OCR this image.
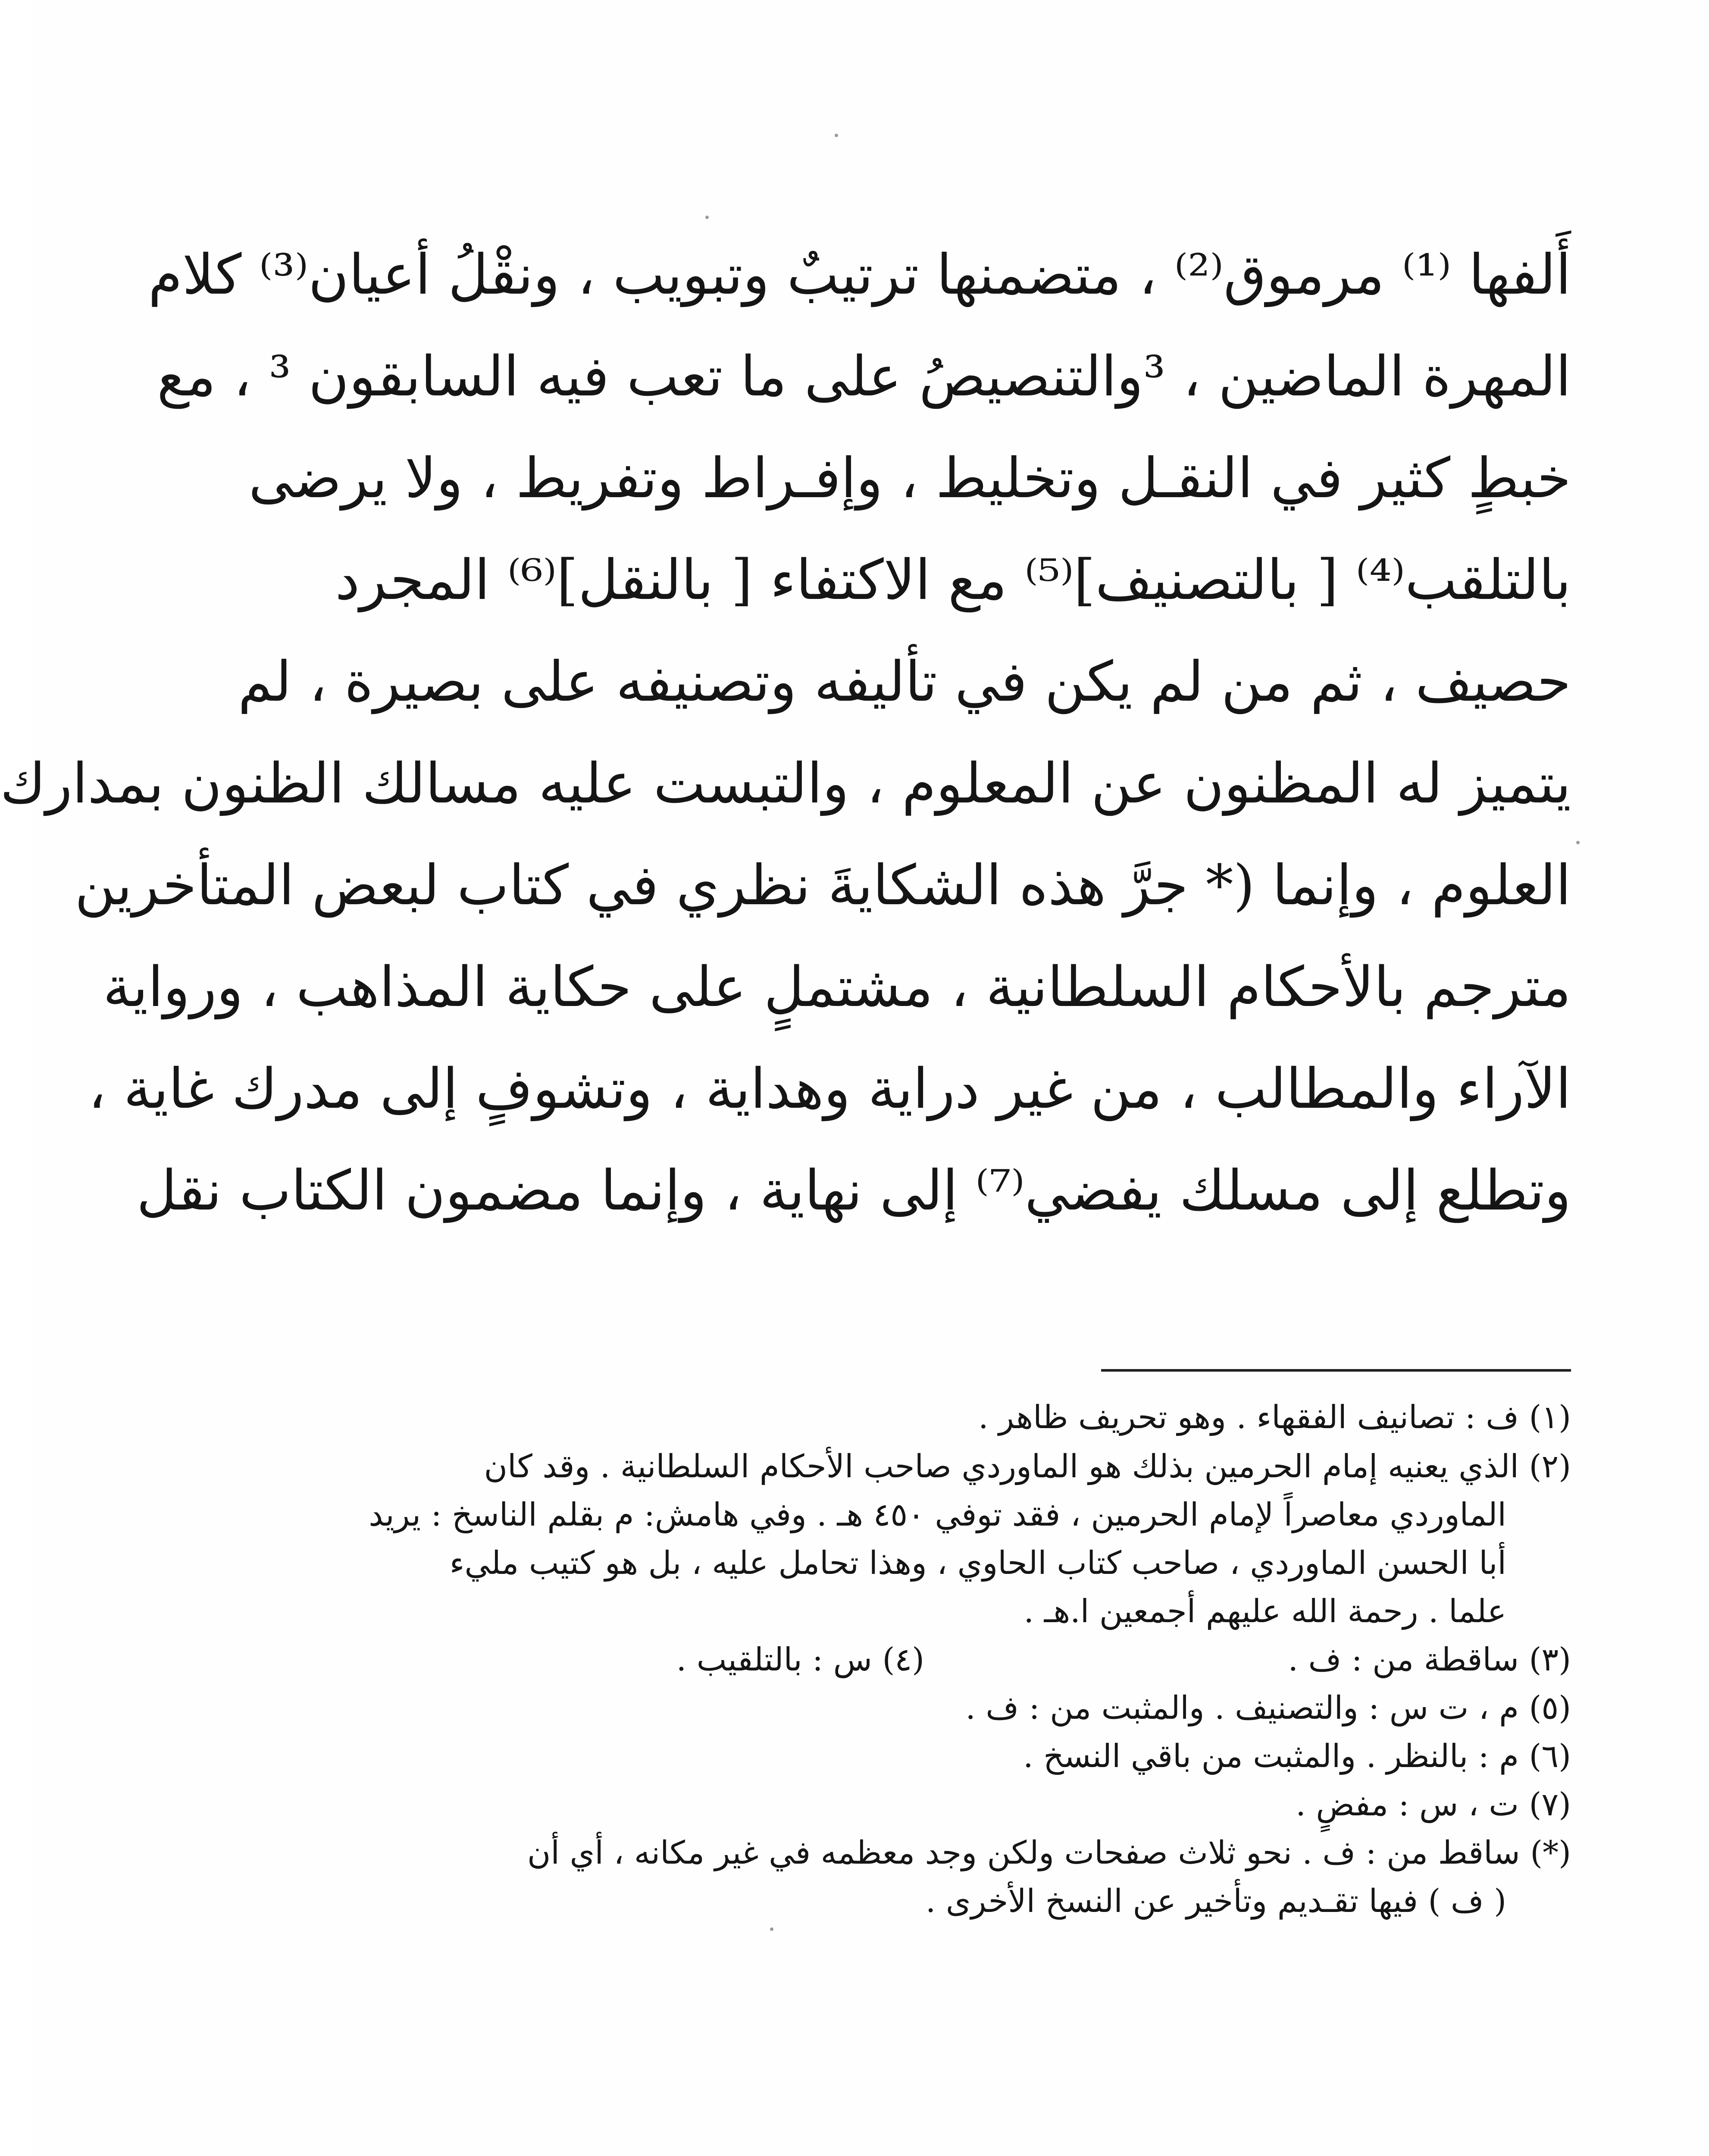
أَلفها ⁽¹⁾ مرموق⁽²⁾ ، متضمنها ترتيبٌ وتبويب ، ونقْلُ أعيان⁽³⁾ كلام
المهرة الماضين ، ³والتنصيصُ على ما تعب فيه السابقون ³ ، مع
خبطٍ كثير في النقـل وتخليط ، وإفـراط وتفريط ، ولا يرضى
بالتلقب⁽⁴⁾ [ بالتصنيف]⁽⁵⁾ مع الاكتفاء [ بالنقل]⁽⁶⁾ المجرد
حصيف ، ثم من لم يكن في تأليفه وتصنيفه على بصيرة ، لم
يتميز له المظنون عن المعلوم ، والتبست عليه مسالك الظنون بمدارك
العلوم ، وإنما (* جرَّ هذه الشكايةَ نظري في كتاب لبعض المتأخرين
مترجم بالأحكام السلطانية ، مشتملٍ على حكاية المذاهب ، ورواية
الآراء والمطالب ، من غير دراية وهداية ، وتشوفٍ إلى مدرك غاية ،
وتطلع إلى مسلك يفضي⁽⁷⁾ إلى نهاية ، وإنما مضمون الكتاب نقل
(١) ف : تصانيف الفقهاء . وهو تحريف ظاهر .
(٢) الذي يعنيه إمام الحرمين بذلك هو الماوردي صاحب الأحكام السلطانية . وقد كان
الماوردي معاصراً لإمام الحرمين ، فقد توفي ٤٥٠ هـ . وفي هامش: م بقلم الناسخ : يريد
أبا الحسن الماوردي ، صاحب كتاب الحاوي ، وهذا تحامل عليه ، بل هو كتيب مليء
علما . رحمة الله عليهم أجمعين ا.هـ .
(٣) ساقطة من : ف .
(٤) س : بالتلقيب .
(٥) م ، ت س : والتصنيف . والمثبت من : ف .
(٦) م : بالنظر . والمثبت من باقي النسخ .
(٧) ت ، س : مفضٍ .
(*) ساقط من : ف . نحو ثلاث صفحات ولكن وجد معظمه في غير مكانه ، أي أن
( ف ) فيها تقـديم وتأخير عن النسخ الأخرى .
